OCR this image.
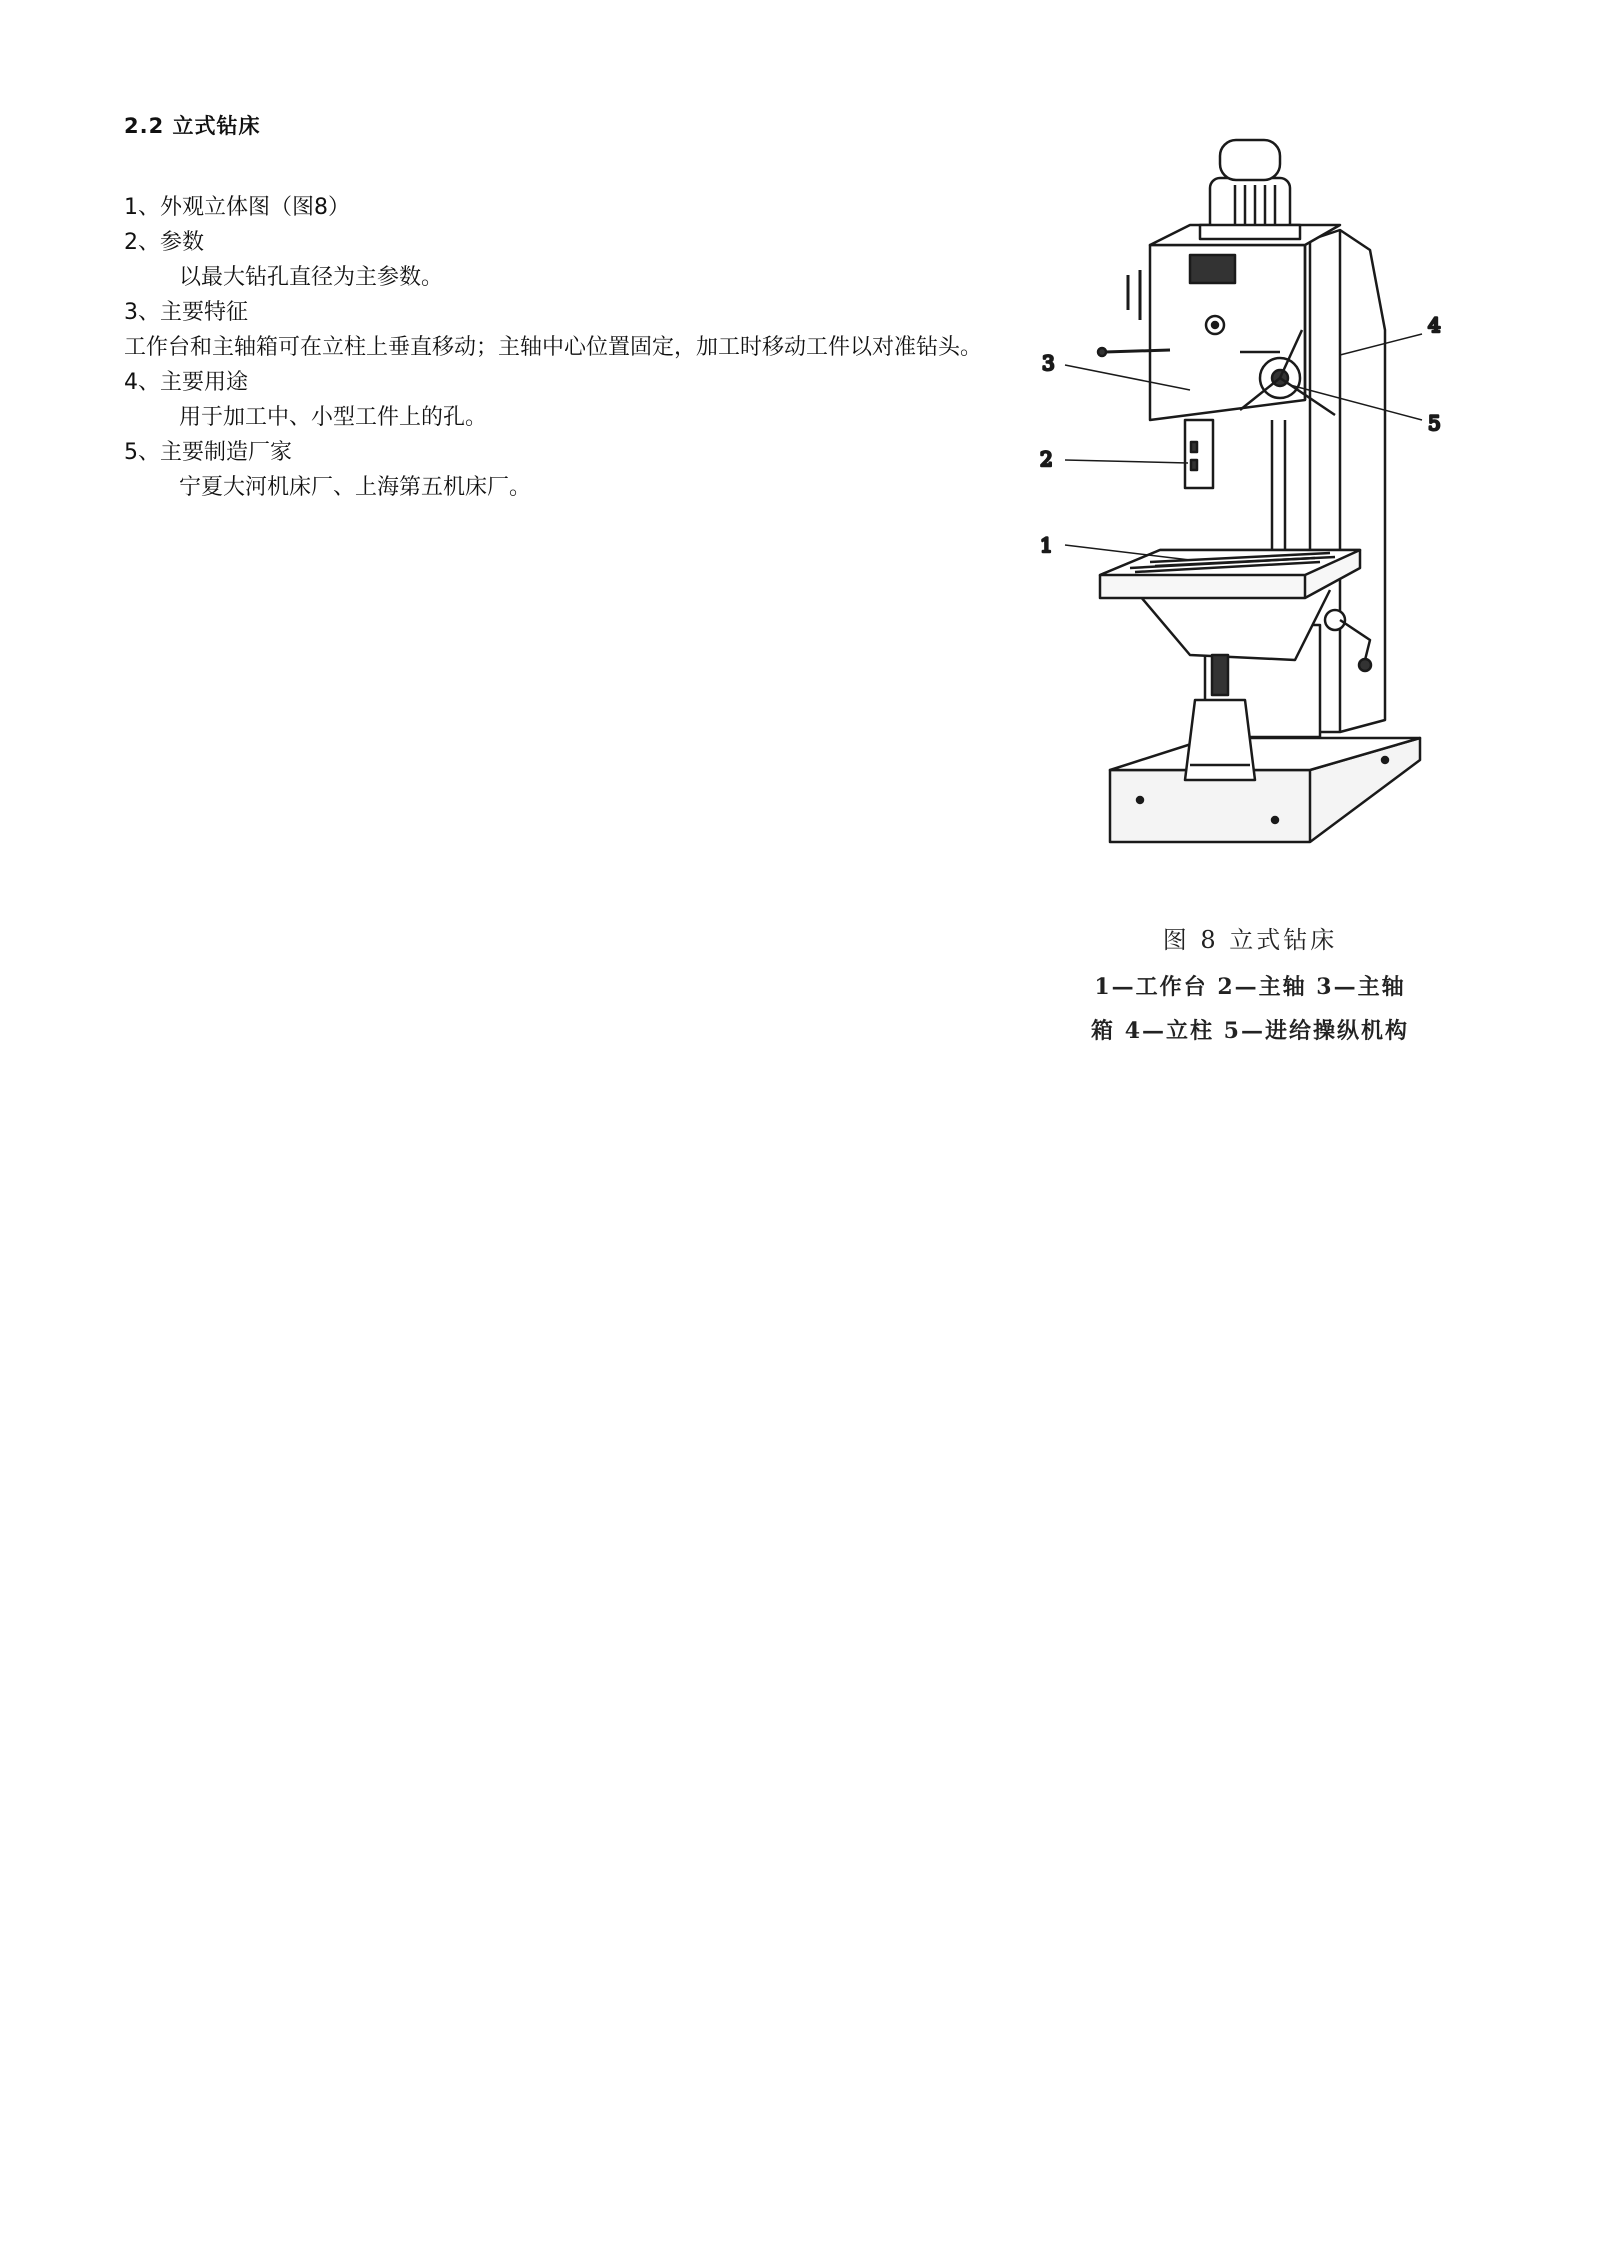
2.2 立式钻床

1、外观立体图（图8）

2、参数

以最大钻孔直径为主参数。

3、主要特征

工作台和主轴箱可在立柱上垂直移动；主轴中心位置固定，加工时移动工件以对准钻头。

4、主要用途

用于加工中、小型工件上的孔。

5、主要制造厂家

宁夏大河机床厂、上海第五机床厂。

1
2
3
4
5
图 8 立式钻床
1—工作台 2—主轴 3—主轴
箱 4—立柱 5—进给操纵机构
